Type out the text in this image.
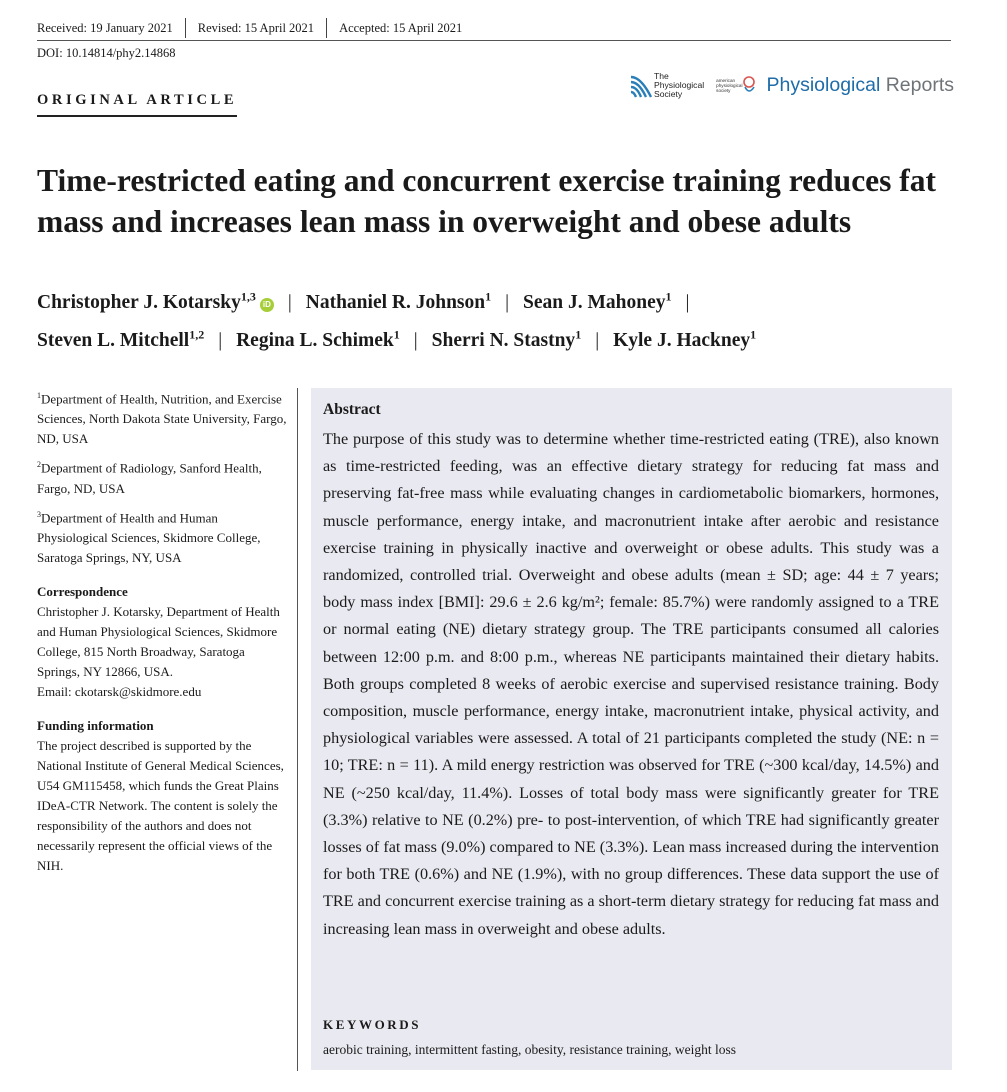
Received: 19 January 2021	Revised: 15 April 2021	Accepted: 15 April 2021
DOI: 10.14814/phy2.14868
ORIGINAL ARTICLE
The
Physiological
Society
american
physiological
society	Physiological Reports
Time-restricted eating and concurrent exercise training reduces fat mass and increases lean mass in overweight and obese adults
Christopher J. Kotarsky$^{1,3}$iD | Nathaniel R. Johnson$^1$ | Sean J. Mahoney$^1$ |
Steven L. Mitchell$^{1,2}$ | Regina L. Schimek$^1$ | Sherri N. Stastny$^1$ | Kyle J. Hackney$^1$

$^1$Department of Health, Nutrition, and Exercise Sciences, North Dakota State University, Fargo, ND, USA

$^2$Department of Radiology, Sanford Health, Fargo, ND, USA

$^3$Department of Health and Human Physiological Sciences, Skidmore College, Saratoga Springs, NY, USA

Correspondence
Christopher J. Kotarsky, Department of Health and Human Physiological Sciences, Skidmore College, 815 North Broadway, Saratoga Springs, NY 12866, USA.
Email: ckotarsk@skidmore.edu
Funding information
The project described is supported by the National Institute of General Medical Sciences, U54 GM115458, which funds the Great Plains IDeA-CTR Network. The content is solely the responsibility of the authors and does not necessarily represent the official views of the NIH.
Abstract
The purpose of this study was to determine whether time-restricted eating (TRE), also known as time-restricted feeding, was an effective dietary strategy for reducing fat mass and preserving fat-free mass while evaluating changes in cardiometabolic biomarkers, hormones, muscle performance, energy intake, and macronutrient intake after aerobic and resistance exercise training in physically inactive and overweight or obese adults. This study was a randomized, controlled trial. Overweight and obese adults (mean ± SD; age: 44 ± 7 years; body mass index [BMI]: 29.6 ± 2.6 kg/m²; female: 85.7%) were randomly assigned to a TRE or normal eating (NE) dietary strategy group. The TRE participants consumed all calories between 12:00 p.m. and 8:00 p.m., whereas NE participants maintained their dietary habits. Both groups completed 8 weeks of aerobic exercise and supervised resistance training. Body composition, muscle performance, energy intake, macronutrient intake, physical activity, and physiological variables were assessed. A total of 21 participants completed the study (NE: n = 10; TRE: n = 11). A mild energy restriction was observed for TRE (~300 kcal/day, 14.5%) and NE (~250 kcal/day, 11.4%). Losses of total body mass were significantly greater for TRE (3.3%) relative to NE (0.2%) pre- to post-intervention, of which TRE had significantly greater losses of fat mass (9.0%) compared to NE (3.3%). Lean mass increased during the intervention for both TRE (0.6%) and NE (1.9%), with no group differences. These data support the use of TRE and concurrent exercise training as a short-term dietary strategy for reducing fat mass and increasing lean mass in overweight and obese adults.
KEYWORDS
aerobic training, intermittent fasting, obesity, resistance training, weight loss
